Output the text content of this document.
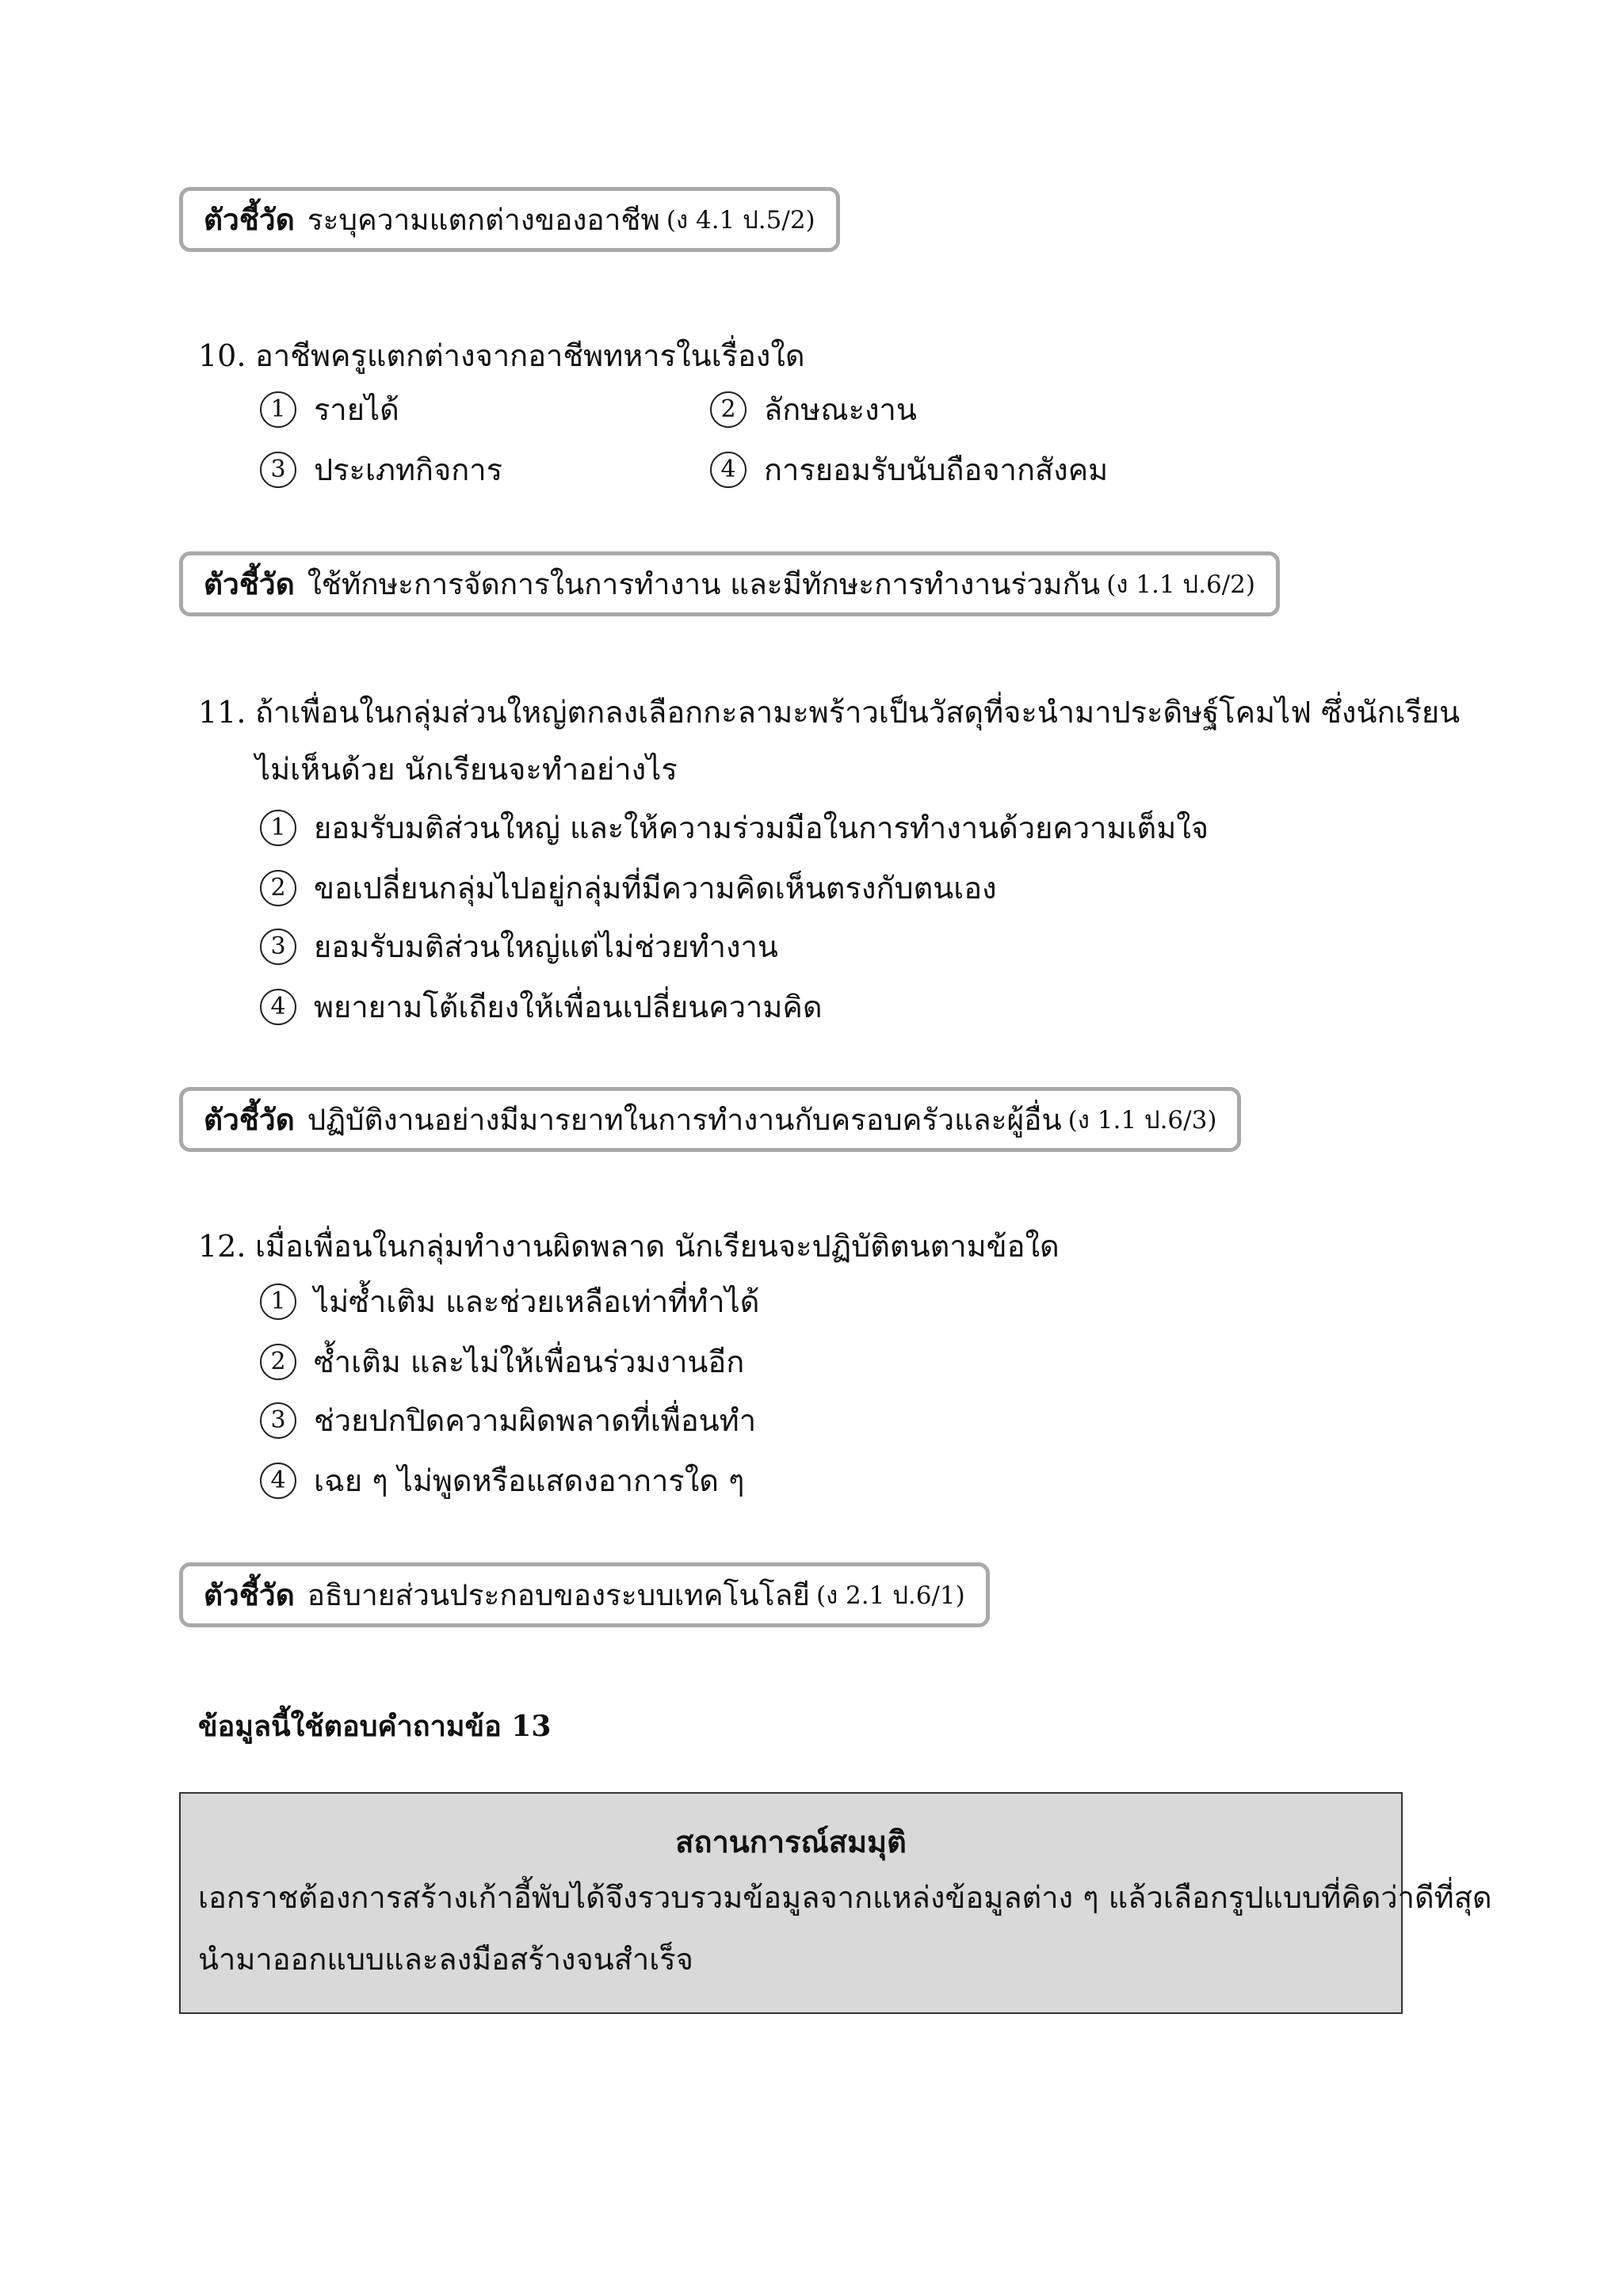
ตัวชี้วัด ระบุความแตกต่างของอาชีพ (ง 4.1 ป.5/2)
10. อาชีพครูแตกต่างจากอาชีพทหารในเรื่องใด
1 รายได้	2 ลักษณะงาน
3 ประเภทกิจการ	4 การยอมรับนับถือจากสังคม
ตัวชี้วัด ใช้ทักษะการจัดการในการทำงาน และมีทักษะการทำงานร่วมกัน (ง 1.1 ป.6/2)
11. ถ้าเพื่อนในกลุ่มส่วนใหญ่ตกลงเลือกกะลามะพร้าวเป็นวัสดุที่จะนำมาประดิษฐ์โคมไฟ ซึ่งนักเรียน
ไม่เห็นด้วย นักเรียนจะทำอย่างไร
1 ยอมรับมติส่วนใหญ่ และให้ความร่วมมือในการทำงานด้วยความเต็มใจ
2 ขอเปลี่ยนกลุ่มไปอยู่กลุ่มที่มีความคิดเห็นตรงกับตนเอง
3 ยอมรับมติส่วนใหญ่แต่ไม่ช่วยทำงาน
4 พยายามโต้เถียงให้เพื่อนเปลี่ยนความคิด
ตัวชี้วัด ปฏิบัติงานอย่างมีมารยาทในการทำงานกับครอบครัวและผู้อื่น (ง 1.1 ป.6/3)
12. เมื่อเพื่อนในกลุ่มทำงานผิดพลาด นักเรียนจะปฏิบัติตนตามข้อใด
1 ไม่ซ้ำเติม และช่วยเหลือเท่าที่ทำได้
2 ซ้ำเติม และไม่ให้เพื่อนร่วมงานอีก
3 ช่วยปกปิดความผิดพลาดที่เพื่อนทำ
4 เฉย ๆ ไม่พูดหรือแสดงอาการใด ๆ
ตัวชี้วัด อธิบายส่วนประกอบของระบบเทคโนโลยี (ง 2.1 ป.6/1)
ข้อมูลนี้ใช้ตอบคำถามข้อ 13
สถานการณ์สมมุติ
เอกราชต้องการสร้างเก้าอี้พับได้จึงรวบรวมข้อมูลจากแหล่งข้อมูลต่าง ๆ แล้วเลือกรูปแบบที่คิดว่าดีที่สุด
นำมาออกแบบและลงมือสร้างจนสำเร็จ
